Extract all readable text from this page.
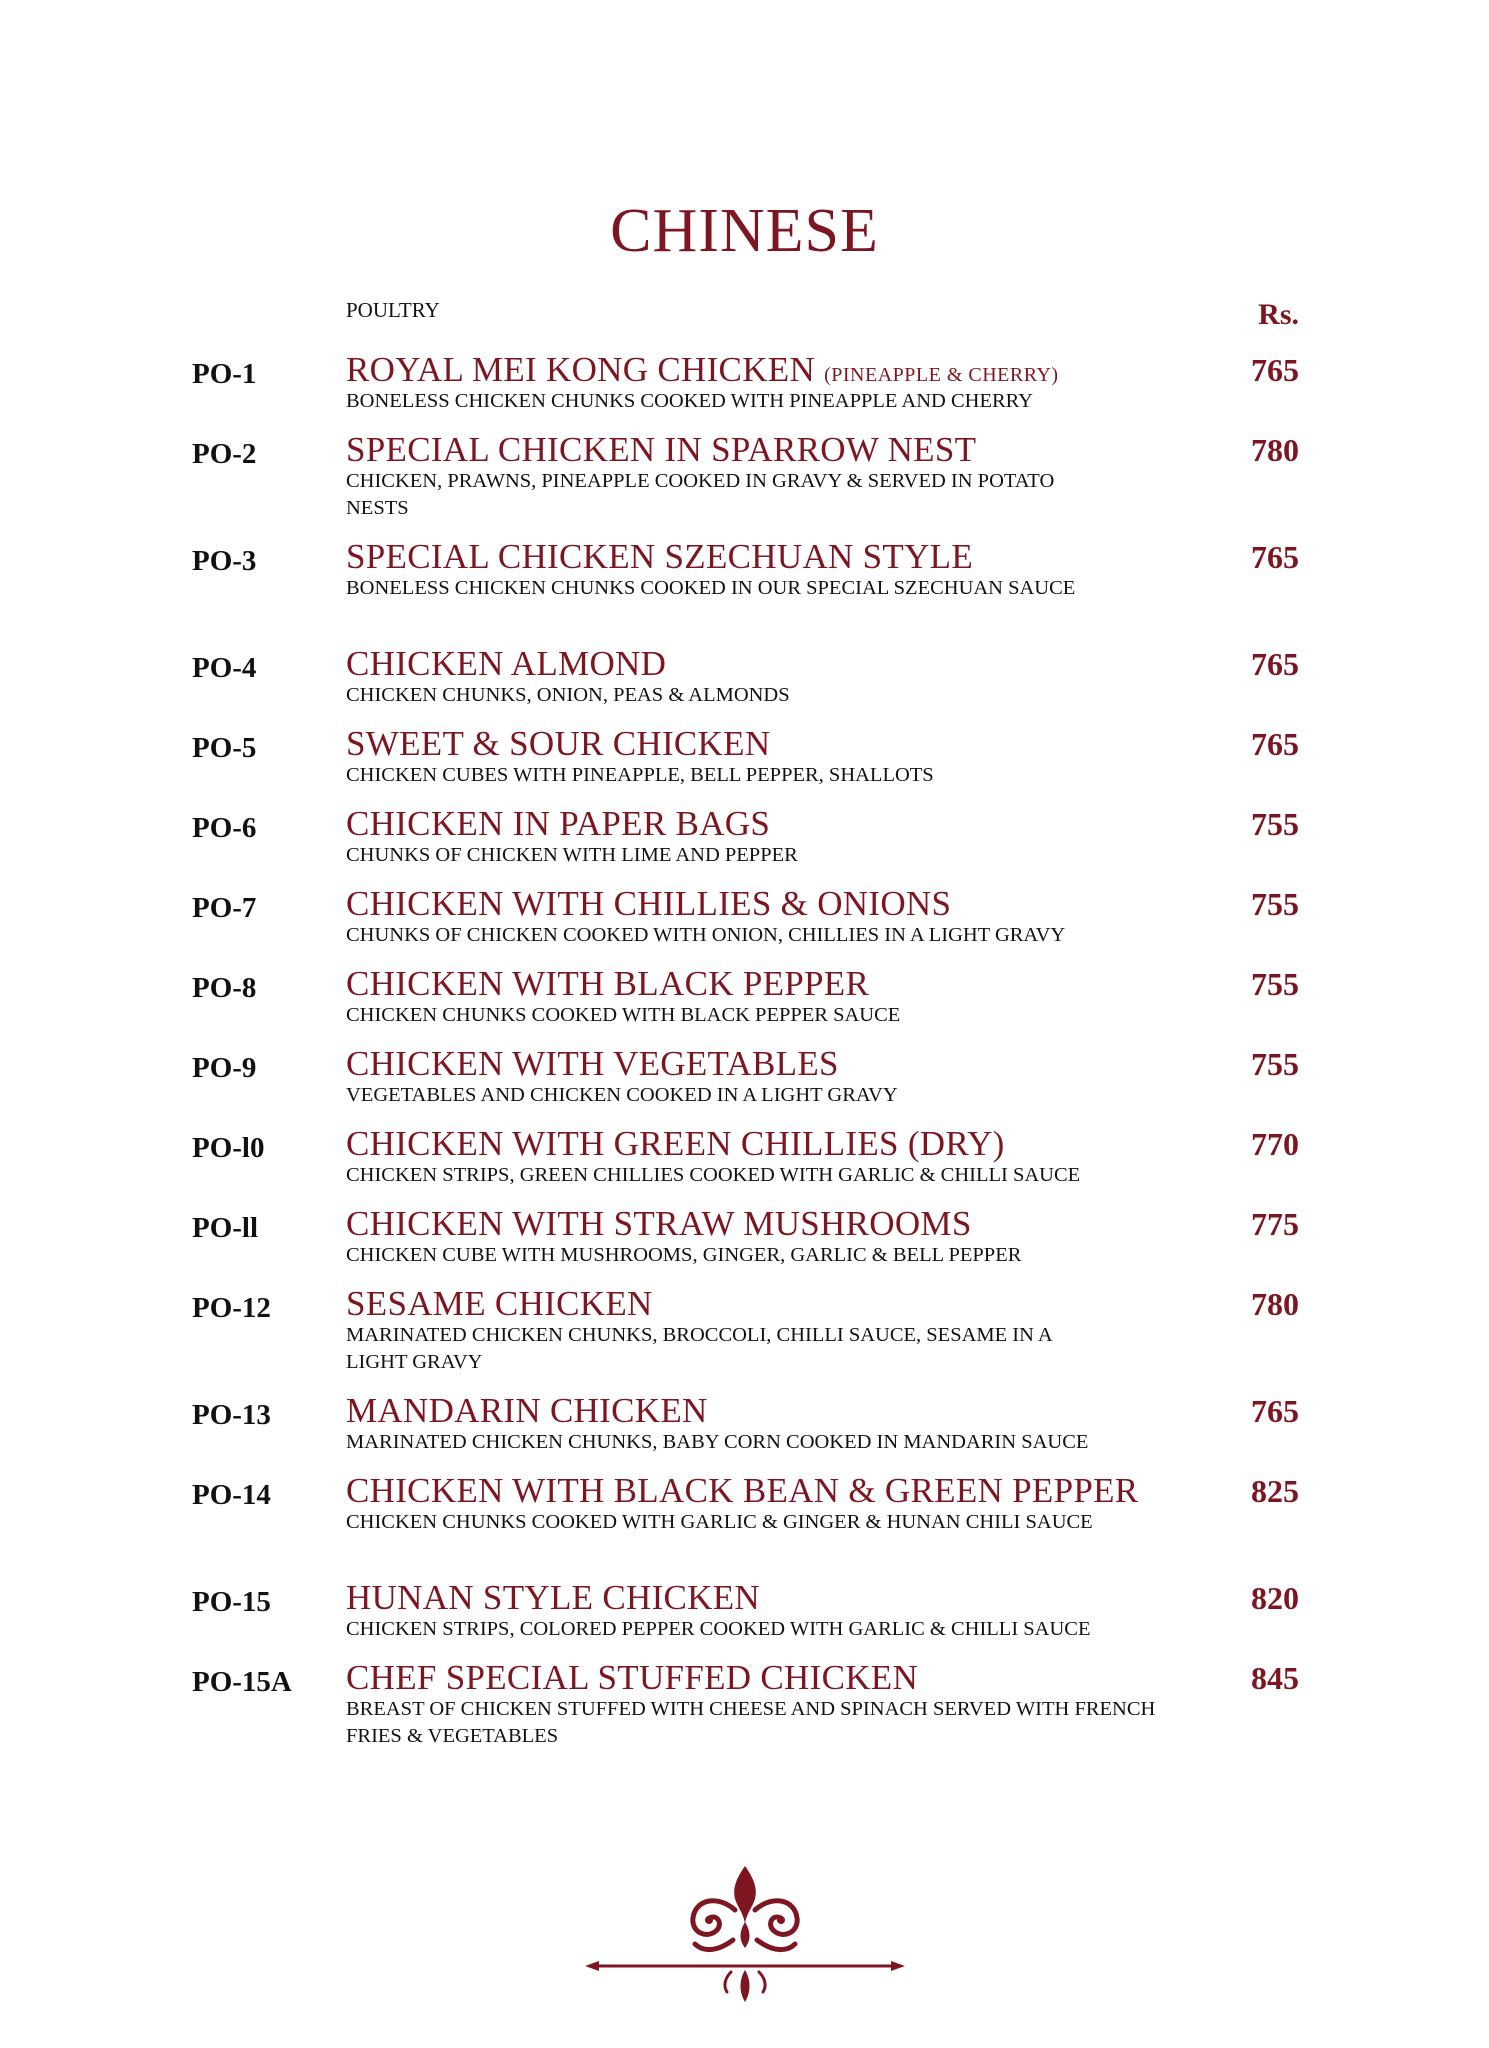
CHINESE
POULTRY	Rs.
PO-1	ROYAL MEI KONG CHICKEN (PINEAPPLE & CHERRY)
BONELESS CHICKEN CHUNKS COOKED WITH PINEAPPLE AND CHERRY
765
PO-2	SPECIAL CHICKEN IN SPARROW NEST
CHICKEN, PRAWNS, PINEAPPLE COOKED IN GRAVY & SERVED IN POTATO NESTS
780
PO-3	SPECIAL CHICKEN SZECHUAN STYLE
BONELESS CHICKEN CHUNKS COOKED IN OUR SPECIAL SZECHUAN SAUCE
765
PO-4	CHICKEN ALMOND
CHICKEN CHUNKS, ONION, PEAS & ALMONDS
765
PO-5	SWEET & SOUR CHICKEN
CHICKEN CUBES WITH PINEAPPLE, BELL PEPPER, SHALLOTS
765
PO-6	CHICKEN IN PAPER BAGS
CHUNKS OF CHICKEN WITH LIME AND PEPPER
755
PO-7	CHICKEN WITH CHILLIES & ONIONS
CHUNKS OF CHICKEN COOKED WITH ONION, CHILLIES IN A LIGHT GRAVY
755
PO-8	CHICKEN WITH BLACK PEPPER
CHICKEN CHUNKS COOKED WITH BLACK PEPPER SAUCE
755
PO-9	CHICKEN WITH VEGETABLES
VEGETABLES AND CHICKEN COOKED IN A LIGHT GRAVY
755
PO-l0 CHICKEN WITH GREEN CHILLIES (DRY)
CHICKEN STRIPS, GREEN CHILLIES COOKED WITH GARLIC & CHILLI SAUCE
770
PO-ll	CHICKEN WITH STRAW MUSHROOMS
CHICKEN CUBE WITH MUSHROOMS, GINGER, GARLIC & BELL PEPPER
775
PO-12 SESAME CHICKEN
MARINATED CHICKEN CHUNKS, BROCCOLI, CHILLI SAUCE, SESAME IN A LIGHT GRAVY
780
PO-13 MANDARIN CHICKEN
MARINATED CHICKEN CHUNKS, BABY CORN COOKED IN MANDARIN SAUCE
765
PO-14 CHICKEN WITH BLACK BEAN & GREEN PEPPER
CHICKEN CHUNKS COOKED WITH GARLIC & GINGER & HUNAN CHILI SAUCE
825
PO-15 HUNAN STYLE CHICKEN
CHICKEN STRIPS, COLORED PEPPER COOKED WITH GARLIC & CHILLI SAUCE
820
PO-15A CHEF SPECIAL STUFFED CHICKEN
BREAST OF CHICKEN STUFFED WITH CHEESE AND SPINACH SERVED WITH FRENCH FRIES & VEGETABLES
845
